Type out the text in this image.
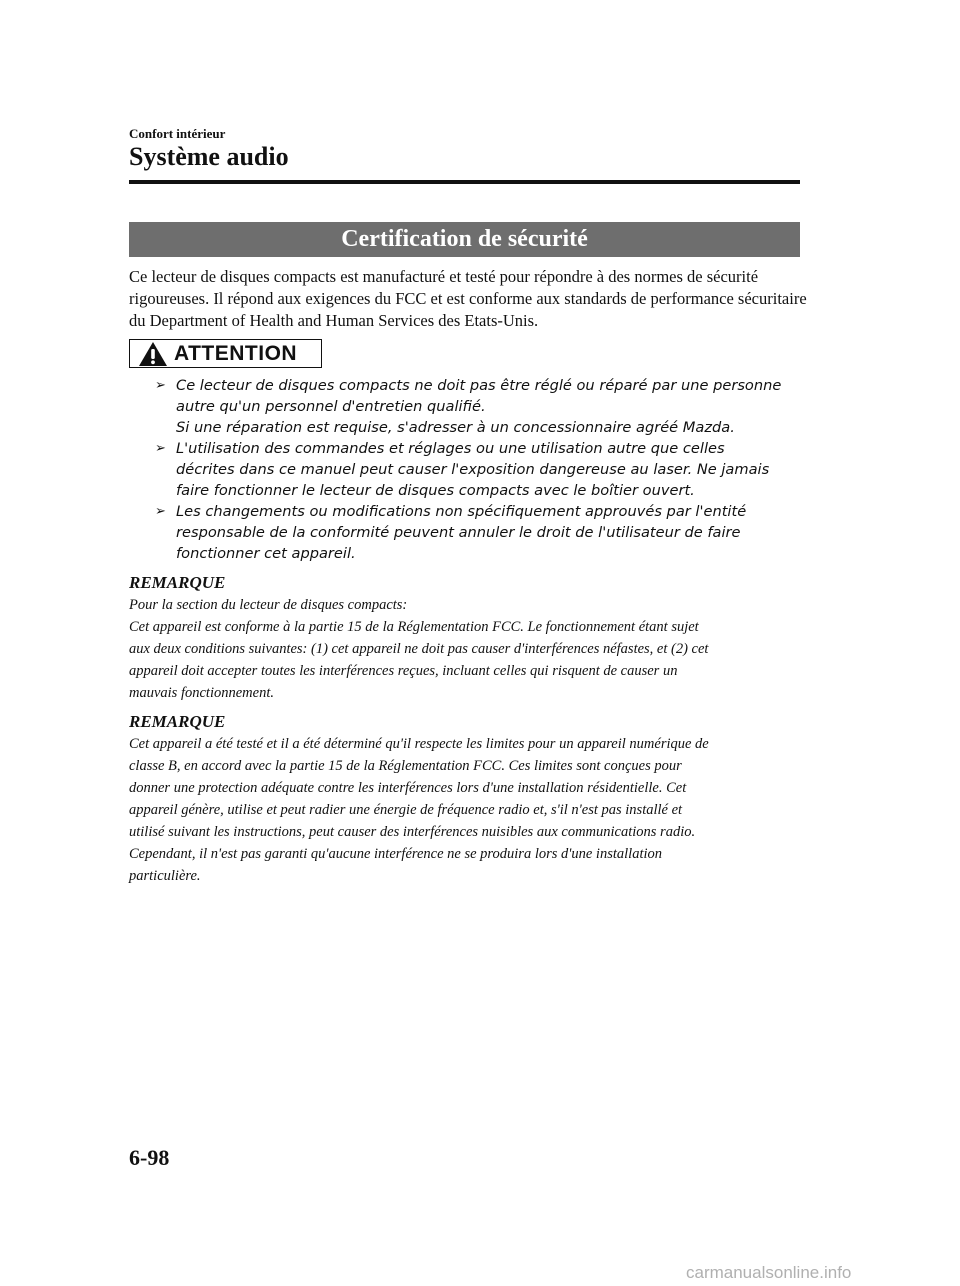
Confort intérieur
Système audio
Certification de sécurité
Ce lecteur de disques compacts est manufacturé et testé pour répondre à des normes de sécurité rigoureuses. Il répond aux exigences du FCC et est conforme aux standards de performance sécuritaire du Department of Health and Human Services des Etats-Unis.
ATTENTION
➢ Ce lecteur de disques compacts ne doit pas être réglé ou réparé par une personne
autre qu'un personnel d'entretien qualifié.
Si une réparation est requise, s'adresser à un concessionnaire agréé Mazda.
➢ L'utilisation des commandes et réglages ou une utilisation autre que celles
décrites dans ce manuel peut causer l'exposition dangereuse au laser. Ne jamais
faire fonctionner le lecteur de disques compacts avec le boîtier ouvert.
➢ Les changements ou modifications non spécifiquement approuvés par l'entité
responsable de la conformité peuvent annuler le droit de l'utilisateur de faire
fonctionner cet appareil.
REMARQUE
Pour la section du lecteur de disques compacts:
Cet appareil est conforme à la partie 15 de la Réglementation FCC. Le fonctionnement étant sujet
aux deux conditions suivantes: (1) cet appareil ne doit pas causer d'interférences néfastes, et (2) cet
appareil doit accepter toutes les interférences reçues, incluant celles qui risquent de causer un
mauvais fonctionnement.
REMARQUE
Cet appareil a été testé et il a été déterminé qu'il respecte les limites pour un appareil numérique de
classe B, en accord avec la partie 15 de la Réglementation FCC. Ces limites sont conçues pour
donner une protection adéquate contre les interférences lors d'une installation résidentielle. Cet
appareil génère, utilise et peut radier une énergie de fréquence radio et, s'il n'est pas installé et
utilisé suivant les instructions, peut causer des interférences nuisibles aux communications radio.
Cependant, il n'est pas garanti qu'aucune interférence ne se produira lors d'une installation
particulière.
6-98
carmanualsonline.info
